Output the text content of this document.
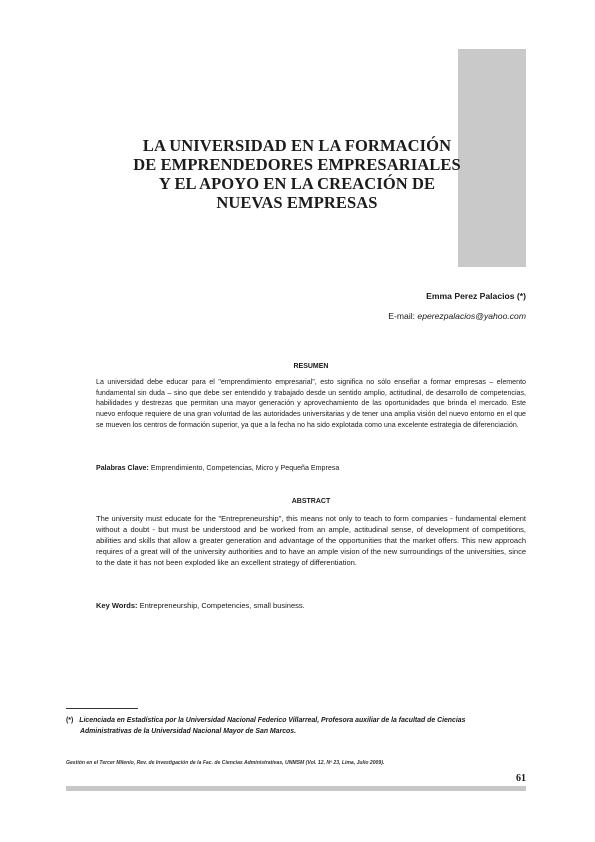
LA UNIVERSIDAD EN LA FORMACIÓN
DE EMPRENDEDORES EMPRESARIALES
Y EL APOYO EN LA CREACIÓN DE
NUEVAS EMPRESAS
Emma Perez Palacios (*)
E-mail: eperezpalacios@yahoo.com
RESUMEN
La universidad debe educar para el "emprendimiento empresarial", esto significa no sólo enseñar a formar empresas – elemento fundamental sin duda – sino que debe ser entendido y trabajado desde un sentido amplio, actitudinal, de desarrollo de competencias, habilidades y destrezas que permitan una mayor generación y aprovechamiento de las oportunidades que brinda el mercado. Este nuevo enfoque requiere de una gran voluntad de las autoridades universitarias y de tener una amplia visión del nuevo entorno en el que se mueven los centros de formación superior, ya que a la fecha no ha sido explotada como una excelente estrategia de diferenciación.
Palabras Clave: Emprendimiento, Competencias, Micro y Pequeña Empresa
ABSTRACT
The university must educate for the "Entrepreneurship", this means not only to teach to form companies - fundamental element without a doubt - but must be understood and be worked from an ample, actitudinal sense, of development of competitions, abilities and skills that allow a greater generation and advantage of the opportunities that the market offers. This new approach requires of a great will of the university authorities and to have an ample vision of the new surroundings of the universities, since to the date it has not been exploded like an excellent strategy of differentiation.
Key Words: Entrepreneurship, Competencies, small business.
(*) Licenciada en Estadística por la Universidad Nacional Federico Villarreal, Profesora auxiliar de la facultad de Ciencias
Administrativas de la Universidad Nacional Mayor de San Marcos.
Gestión en el Tercer Milenio, Rev. de Investigación de la Fac. de Ciencias Administrativas, UNMSM (Vol. 12, Nº 23, Lima, Julio 2009).
61
